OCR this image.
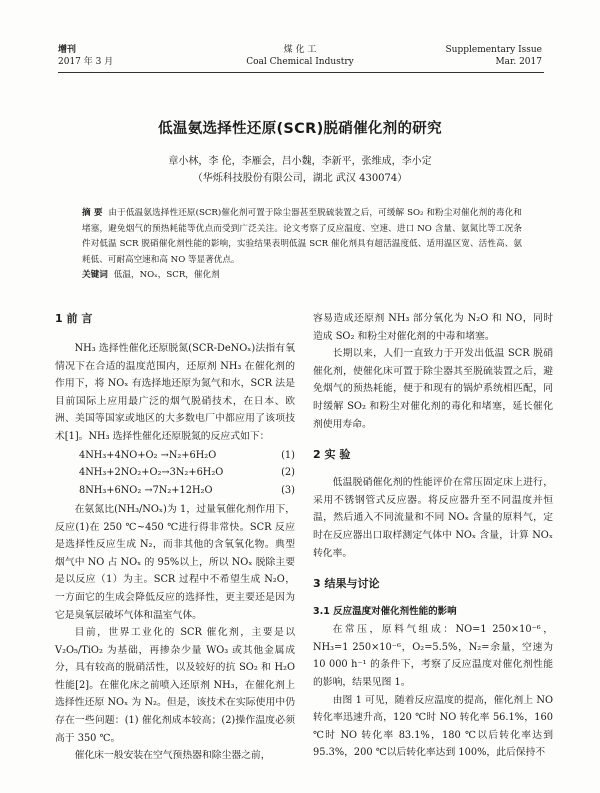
增刊
2017 年 3 月
煤 化 工
Coal Chemical Industry
Supplementary Issue
Mar. 2017
低温氨选择性还原(SCR)脱硝催化剂的研究
章小林，李 伦，李雁会，吕小魏，李新平，张维成，李小定
（华烁科技股份有限公司，湖北 武汉 430074）
摘 要 由于低温氨选择性还原(SCR)催化剂可置于除尘器甚至脱硫装置之后，可缓解 SO₂ 和粉尘对催化剂的毒化和堵塞，避免烟气的预热耗能等优点而受到广泛关注。论文考察了反应温度、空速、进口 NO 含量、氨氮比等工况条件对低温 SCR 脱硝催化剂性能的影响，实验结果表明低温 SCR 催化剂具有超活温度低、适用温区宽、活性高、氨耗低、可耐高空速和高 NO 等显著优点。
关键词 低温，NOₓ，SCR，催化剂
1 前 言

NH₃ 选择性催化还原脱氮(SCR-DeNOₓ)法指有氧情况下在合适的温度范围内，还原剂 NH₃ 在催化剂的作用下，将 NOₓ 有选择地还原为氮气和水，SCR 法是目前国际上应用最广泛的烟气脱硝技术，在日本、欧洲、美国等国家或地区的大多数电厂中都应用了该项技术[1]。NH₃ 选择性催化还原脱氮的反应式如下：

4NH₃+4NO+O₂ →N₂+6H₂O	(1)
4NH₃+2NO₂+O₂→3N₂+6H₂O	(2)
8NH₃+6NO₂ →7N₂+12H₂O	(3)

在氨氮比(NH₃/NOₓ)为 1，过量氧催化剂作用下，反应(1)在 250 ℃~450 ℃进行得非常快。SCR 反应是选择性反应生成 N₂，而非其他的含氧氧化物。典型烟气中 NO 占 NOₓ 的 95%以上，所以 NOₓ 脱除主要是以反应（1）为主。SCR 过程中不希望生成 N₂O，一方面它的生成会降低反应的选择性，更主要还是因为它是臭氧层破坏气体和温室气体。

目前，世界工业化的 SCR 催化剂，主要是以 V₂O₅/TiO₂ 为基础，再掺杂少量 WO₃ 或其他金属成分，具有较高的脱硝活性，以及较好的抗 SO₂ 和 H₂O 性能[2]。在催化床之前喷入还原剂 NH₃，在催化剂上选择性还原 NOₓ 为 N₂。但是，该技术在实际使用中仍存在一些问题：(1) 催化剂成本较高；(2)操作温度必须高于 350 ℃。

催化床一般安装在空气预热器和除尘器之前，

容易造成还原剂 NH₃ 部分氧化为 N₂O 和 NO，同时造成 SO₂ 和粉尘对催化剂的中毒和堵塞。

长期以来，人们一直致力于开发出低温 SCR 脱硝催化剂，使催化床可置于除尘器其至脱硫装置之后，避免烟气的预热耗能，便于和现有的锅炉系统相匹配，同时缓解 SO₂ 和粉尘对催化剂的毒化和堵塞，延长催化剂使用寿命。

2 实 验

低温脱硝催化剂的性能评价在常压固定床上进行，采用不锈钢管式反应器。将反应器升至不同温度并恒温，然后通入不同流量和不同 NOₓ 含量的原料气，定时在反应器出口取样测定气体中 NOₓ 含量，计算 NOₓ 转化率。

3 结果与讨论
3.1 反应温度对催化剂性能的影响

在常压，原料气组成：NO=1 250×10⁻⁶，NH₃=1 250×10⁻⁶，O₂=5.5%，N₂=余量，空速为 10 000 h⁻¹ 的条件下，考察了反应温度对催化剂性能的影响，结果见图 1。

由图 1 可见，随着反应温度的提高，催化剂上 NO 转化率迅速升高，120 ℃时 NO 转化率 56.1%，160 ℃时 NO 转化率 83.1%，180 ℃以后转化率达到 95.3%，200 ℃以后转化率达到 100%，此后保持不
